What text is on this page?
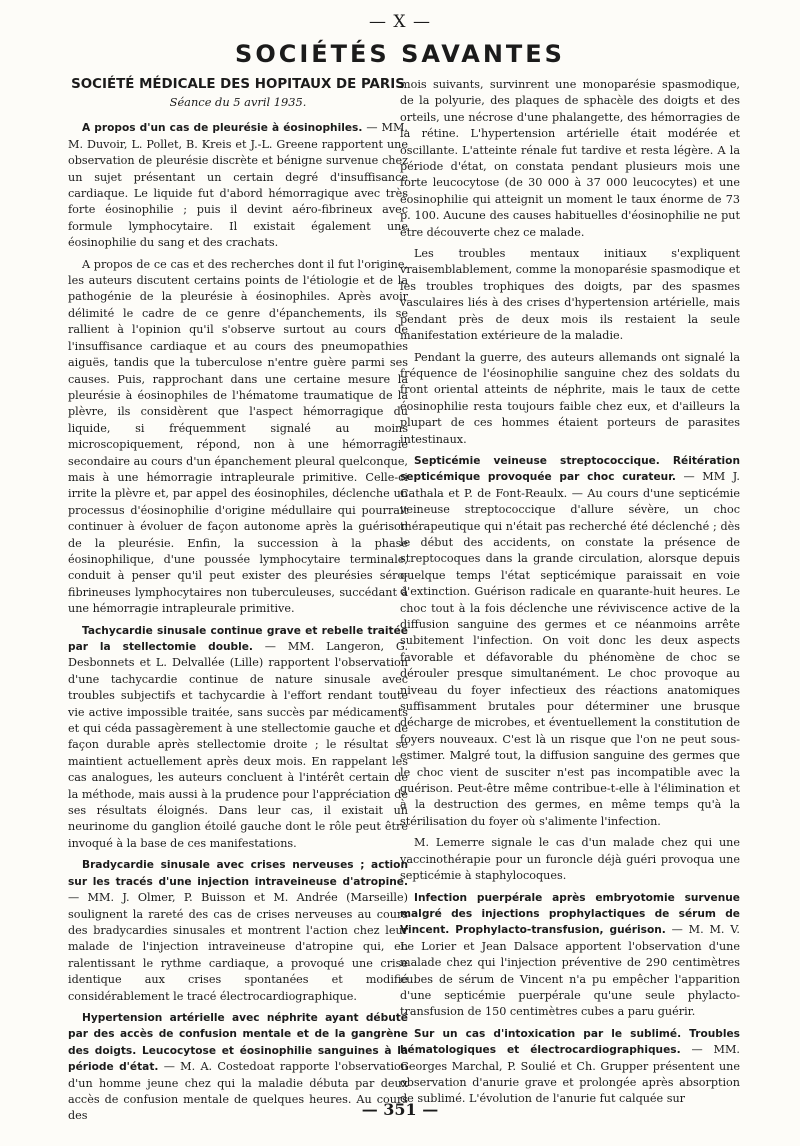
— X —
SOCIÉTÉS SAVANTES
SOCIÉTÉ MÉDICALE DES HOPITAUX DE PARIS
Séance du 5 avril 1935.

A propos d'un cas de pleurésie à éosinophiles. — MM. M. Duvoir, L. Pollet, B. Kreis et J.-L. Greene rapportent une observation de pleurésie discrète et bénigne survenue chez un sujet présentant un certain degré d'insuffisance cardiaque. Le liquide fut d'abord hémorragique avec très forte éosinophilie ; puis il devint aéro-fibrineux avec formule lymphocytaire. Il existait également une éosinophilie du sang et des crachats.

A propos de ce cas et des recherches dont il fut l'origine, les auteurs discutent certains points de l'étiologie et de la pathogénie de la pleurésie à éosinophiles. Après avoir délimité le cadre de ce genre d'épanchements, ils se rallient à l'opinion qu'il s'observe surtout au cours de l'insuffisance cardiaque et au cours des pneumopathies aiguës, tandis que la tuberculose n'entre guère parmi ses causes. Puis, rapprochant dans une certaine mesure la pleurésie à éosinophiles de l'hématome traumatique de la plèvre, ils considèrent que l'aspect hémorragique du liquide, si fréquemment signalé au moins microscopiquement, répond, non à une hémorragie secondaire au cours d'un épanchement pleural quelconque, mais à une hémorragie intrapleurale primitive. Celle-ci irrite la plèvre et, par appel des éosinophiles, déclenche un processus d'éosinophilie d'origine médullaire qui pourrait continuer à évoluer de façon autonome après la guérison de la pleurésie. Enfin, la succession à la phase éosinophilique, d'une poussée lymphocytaire terminale, conduit à penser qu'il peut exister des pleurésies séro-fibrineuses lymphocytaires non tuberculeuses, succédant à une hémorragie intrapleurale primitive.

Tachycardie sinusale continue grave et rebelle traitée par la stellectomie double. — MM. Langeron, G. Desbonnets et L. Delvallée (Lille) rapportent l'observation d'une tachycardie continue de nature sinusale avec troubles subjectifs et tachycardie à l'effort rendant toute vie active impossible traitée, sans succès par médicaments et qui céda passagèrement à une stellectomie gauche et de façon durable après stellectomie droite ; le résultat se maintient actuellement après deux mois. En rappelant les cas analogues, les auteurs concluent à l'intérêt certain de la méthode, mais aussi à la prudence pour l'appréciation de ses résultats éloignés. Dans leur cas, il existait un neurinome du ganglion étoilé gauche dont le rôle peut être invoqué à la base de ces manifestations.

Bradycardie sinusale avec crises nerveuses ; action sur les tracés d'une injection intraveineuse d'atropine. — MM. J. Olmer, P. Buisson et M. Andrée (Marseille) soulignent la rareté des cas de crises nerveuses au cours des bradycardies sinusales et montrent l'action chez leur malade de l'injection intraveineuse d'atropine qui, en ralentissant le rythme cardiaque, a provoqué une crise identique aux crises spontanées et modifié considérablement le tracé électrocardiographique.

Hypertension artérielle avec néphrite ayant débuté par des accès de confusion mentale et de la gangrène des doigts. Leucocytose et éosinophilie sanguines à la période d'état. — M. A. Costedoat rapporte l'observation d'un homme jeune chez qui la maladie débuta par deux accès de confusion mentale de quelques heures. Au cours des

mois suivants, survinrent une monoparésie spasmodique, de la polyurie, des plaques de sphacèle des doigts et des orteils, une nécrose d'une phalangette, des hémorragies de la rétine. L'hypertension artérielle était modérée et oscillante. L'atteinte rénale fut tardive et resta légère. A la période d'état, on constata pendant plusieurs mois une forte leucocytose (de 30 000 à 37 000 leucocytes) et une éosinophilie qui atteignit un moment le taux énorme de 73 p. 100. Aucune des causes habituelles d'éosinophilie ne put être découverte chez ce malade.

Les troubles mentaux initiaux s'expliquent vraisemblablement, comme la monoparésie spasmodique et les troubles trophiques des doigts, par des spasmes vasculaires liés à des crises d'hypertension artérielle, mais pendant près de deux mois ils restaient la seule manifestation extérieure de la maladie.

Pendant la guerre, des auteurs allemands ont signalé la fréquence de l'éosinophilie sanguine chez des soldats du front oriental atteints de néphrite, mais le taux de cette éosinophilie resta toujours faible chez eux, et d'ailleurs la plupart de ces hommes étaient porteurs de parasites intestinaux.

Septicémie veineuse streptococcique. Réitération septicémique provoquée par choc curateur. — MM J. Cathala et P. de Font-Reaulx. — Au cours d'une septicémie veineuse streptococcique d'allure sévère, un choc thérapeutique qui n'était pas recherché été déclenché ; dès le début des accidents, on constate la présence de streptocoques dans la grande circulation, alorsque depuis quelque temps l'état septicémique paraissait en voie d'extinction. Guérison radicale en quarante-huit heures. Le choc tout à la fois déclenche une réviviscence active de la diffusion sanguine des germes et ce néanmoins arrête subitement l'infection. On voit donc les deux aspects favorable et défavorable du phénomène de choc se dérouler presque simultanément. Le choc provoque au niveau du foyer infectieux des réactions anatomiques suffisamment brutales pour déterminer une brusque décharge de microbes, et éventuellement la constitution de foyers nouveaux. C'est là un risque que l'on ne peut sous-estimer. Malgré tout, la diffusion sanguine des germes que le choc vient de susciter n'est pas incompatible avec la guérison. Peut-être même contribue-t-elle à l'élimination et à la destruction des germes, en même temps qu'à la stérilisation du foyer où s'alimente l'infection.

M. Lemerre signale le cas d'un malade chez qui une vaccinothérapie pour un furoncle déjà guéri provoqua une septicémie à staphylocoques.

Infection puerpérale après embryotomie survenue malgré des injections prophylactiques de sérum de Vincent. Prophylacto-transfusion, guérison. — M. M. V. Le Lorier et Jean Dalsace apportent l'observation d'une malade chez qui l'injection préventive de 290 centimètres cubes de sérum de Vincent n'a pu empêcher l'apparition d'une septicémie puerpérale qu'une seule phylacto-transfusion de 150 centimètres cubes a paru guérir.

Sur un cas d'intoxication par le sublimé. Troubles hématologiques et électrocardiographiques. — MM. Georges Marchal, P. Soulié et Ch. Grupper présentent une observation d'anurie grave et prolongée après absorption de sublimé. L'évolution de l'anurie fut calquée sur

— 351 —
